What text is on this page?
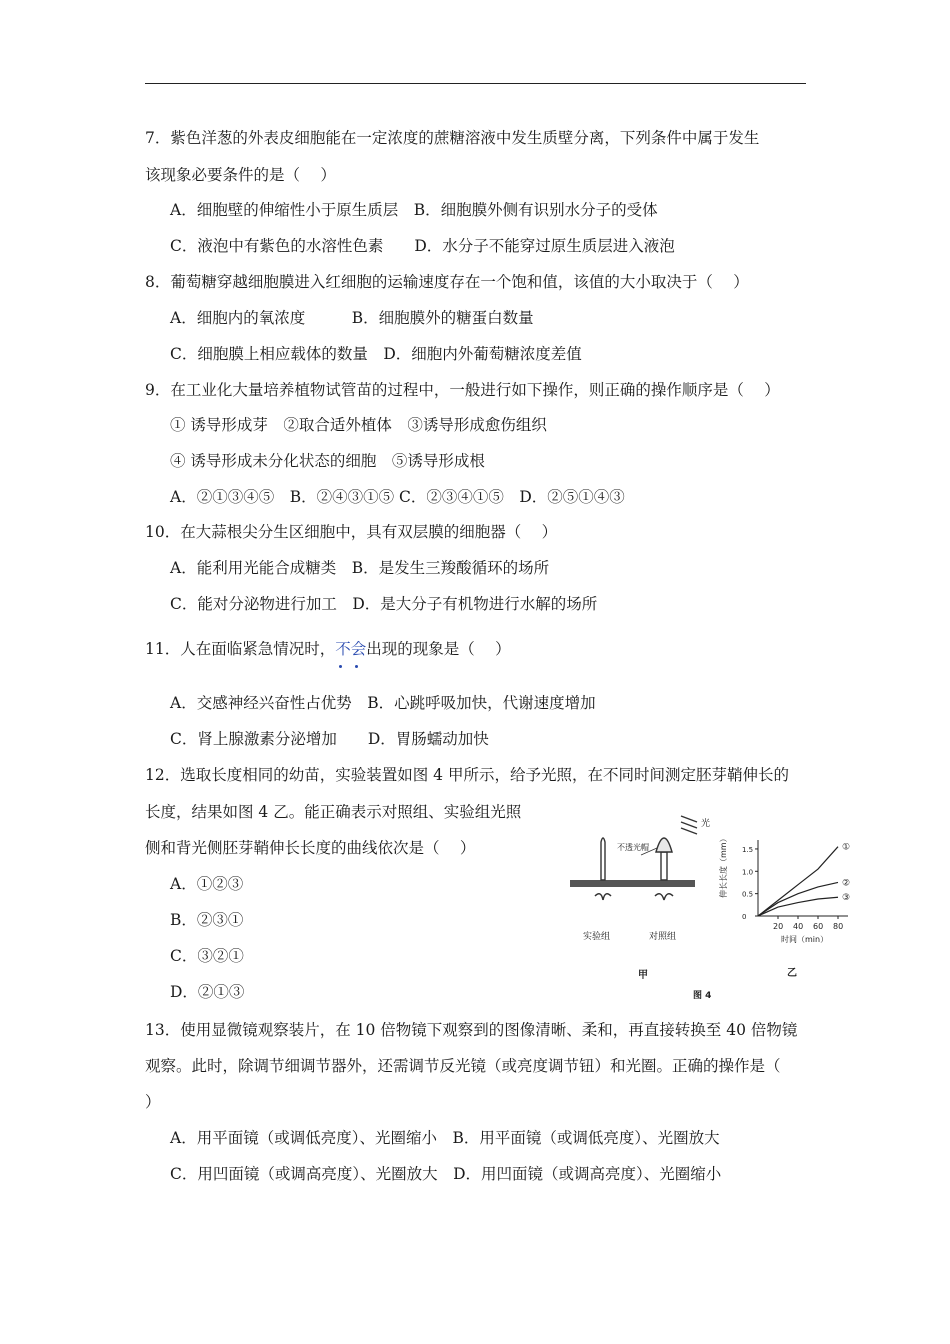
7．紫色洋葱的外表皮细胞能在一定浓度的蔗糖溶液中发生质壁分离，下列条件中属于发生
该现象必要条件的是（　 ）
A．细胞壁的伸缩性小于原生质层　B．细胞膜外侧有识别水分子的受体
C．液泡中有紫色的水溶性色素　　D．水分子不能穿过原生质层进入液泡
8．葡萄糖穿越细胞膜进入红细胞的运输速度存在一个饱和值，该值的大小取决于（　 ）
A．细胞内的氧浓度　　　B．细胞膜外的糖蛋白数量
C．细胞膜上相应载体的数量　D．细胞内外葡萄糖浓度差值
9．在工业化大量培养植物试管苗的过程中，一般进行如下操作，则正确的操作顺序是（　 ）
① 诱导形成芽　②取合适外植体　③诱导形成愈伤组织
④ 诱导形成未分化状态的细胞　⑤诱导形成根
A．②①③④⑤　B．②④③①⑤ C．②③④①⑤　D．②⑤①④③
10．在大蒜根尖分生区细胞中，具有双层膜的细胞器（　 ）
A．能利用光能合成糖类　B．是发生三羧酸循环的场所
C．能对分泌物进行加工　D．是大分子有机物进行水解的场所
11．人在面临紧急情况时，不会
出现的现象是（　 ）
A．交感神经兴奋性占优势　B．心跳呼吸加快，代谢速度增加
C．肾上腺激素分泌增加　　D．胃肠蠕动加快
12．选取长度相同的幼苗，实验装置如图 4 甲所示，给予光照，在不同时间测定胚芽鞘伸长的
长度，结果如图 4 乙。能正确表示对照组、实验组光照
侧和背光侧胚芽鞘伸长长度的曲线依次是（　 ）
A．①②③
B．②③①
C．③②①
D．②①③
光
不透光帽
实验组	对照组
甲
伸长长度（mm）
时间（min）
20 40 60 80
0
0.5
1.0
1.5	①
②
③
乙
图 4
13．使用显微镜观察装片，在 10 倍物镜下观察到的图像清晰、柔和，再直接转换至 40 倍物镜
观察。此时，除调节细调节器外，还需调节反光镜（或亮度调节钮）和光圈。正确的操作是（
）
A．用平面镜（或调低亮度）、光圈缩小　B．用平面镜（或调低亮度）、光圈放大
C．用凹面镜（或调高亮度）、光圈放大　D．用凹面镜（或调高亮度）、光圈缩小
